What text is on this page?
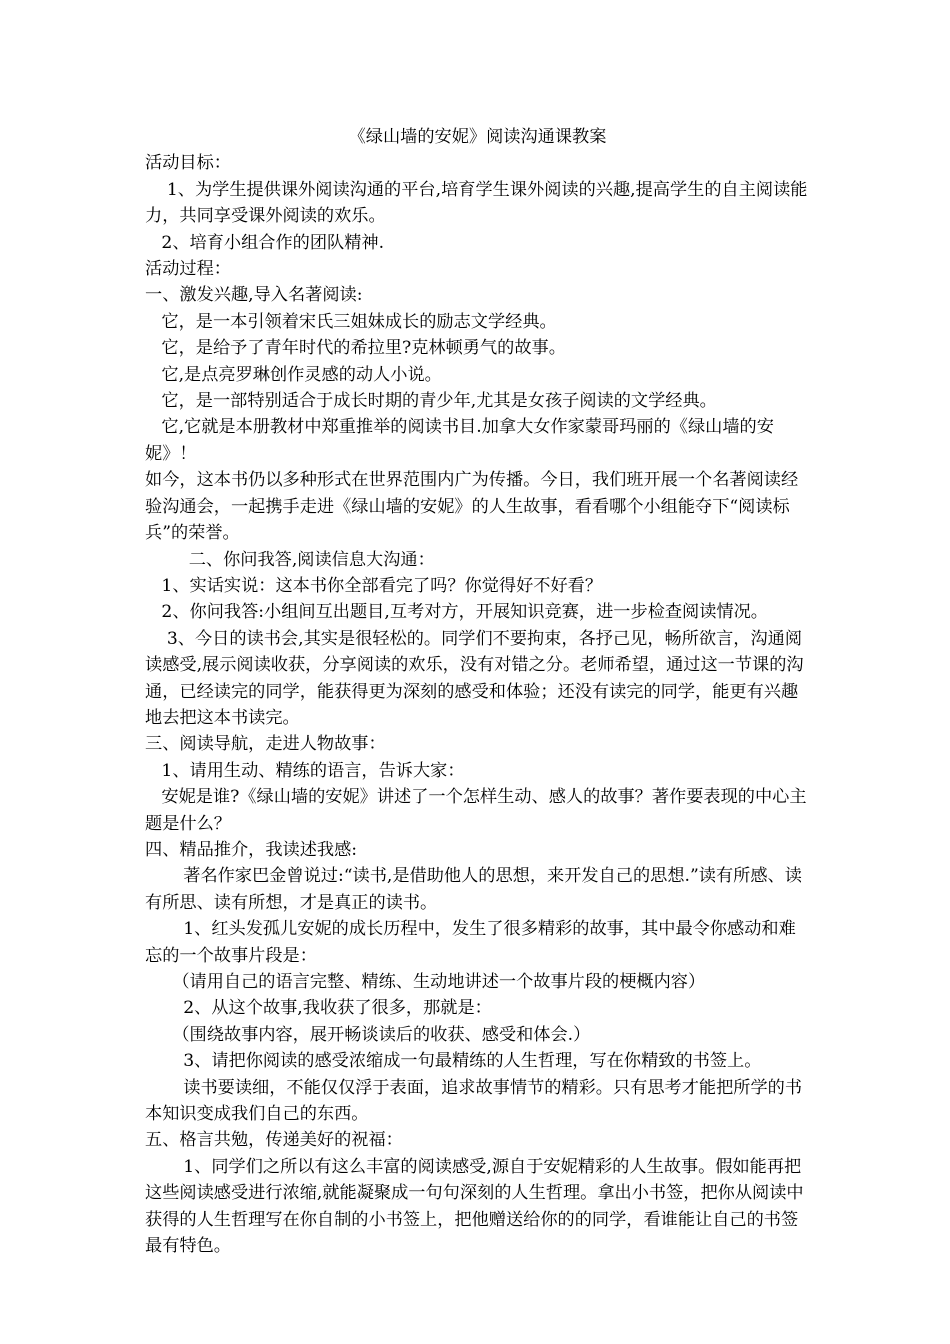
《绿山墙的安妮》阅读沟通课教案

活动目标：

1、为学生提供课外阅读沟通的平台,培育学生课外阅读的兴趣,提高学生的自主阅读能力，共同享受课外阅读的欢乐。

2、培育小组合作的团队精神.

活动过程：

一、激发兴趣,导入名著阅读:

它，是一本引领着宋氏三姐妹成长的励志文学经典。

它，是给予了青年时代的希拉里?克林顿勇气的故事。

它,是点亮罗琳创作灵感的动人小说。

它，是一部特别适合于成长时期的青少年,尤其是女孩子阅读的文学经典。

它,它就是本册教材中郑重推举的阅读书目.加拿大女作家蒙哥玛丽的《绿山墙的安妮》！

如今，这本书仍以多种形式在世界范围内广为传播。今日，我们班开展一个名著阅读经验沟通会，一起携手走进《绿山墙的安妮》的人生故事，看看哪个小组能夺下“阅读标兵”的荣誉。

二、你问我答,阅读信息大沟通：

1、实话实说：这本书你全部看完了吗？你觉得好不好看？

2、你问我答:小组间互出题目,互考对方，开展知识竞赛，进一步检查阅读情况。

3、今日的读书会,其实是很轻松的。同学们不要拘束，各抒己见，畅所欲言，沟通阅读感受,展示阅读收获，分享阅读的欢乐，没有对错之分。老师希望，通过这一节课的沟通，已经读完的同学，能获得更为深刻的感受和体验；还没有读完的同学，能更有兴趣地去把这本书读完。

三、阅读导航，走进人物故事：

1、请用生动、精练的语言，告诉大家：

安妮是谁?《绿山墙的安妮》讲述了一个怎样生动、感人的故事？著作要表现的中心主题是什么？

四、精品推介，我读述我感:

著名作家巴金曾说过:“读书,是借助他人的思想，来开发自己的思想.”读有所感、读有所思、读有所想，才是真正的读书。

1、红头发孤儿安妮的成长历程中，发生了很多精彩的故事，其中最令你感动和难忘的一个故事片段是：

（请用自己的语言完整、精练、生动地讲述一个故事片段的梗概内容）

2、从这个故事,我收获了很多，那就是：

（围绕故事内容，展开畅谈读后的收获、感受和体会.）

3、请把你阅读的感受浓缩成一句最精练的人生哲理，写在你精致的书签上。

读书要读细，不能仅仅浮于表面，追求故事情节的精彩。只有思考才能把所学的书本知识变成我们自己的东西。

五、格言共勉，传递美好的祝福：

1、同学们之所以有这么丰富的阅读感受,源自于安妮精彩的人生故事。假如能再把这些阅读感受进行浓缩,就能凝聚成一句句深刻的人生哲理。拿出小书签，把你从阅读中获得的人生哲理写在你自制的小书签上，把他赠送给你的的同学，看谁能让自己的书签最有特色。
